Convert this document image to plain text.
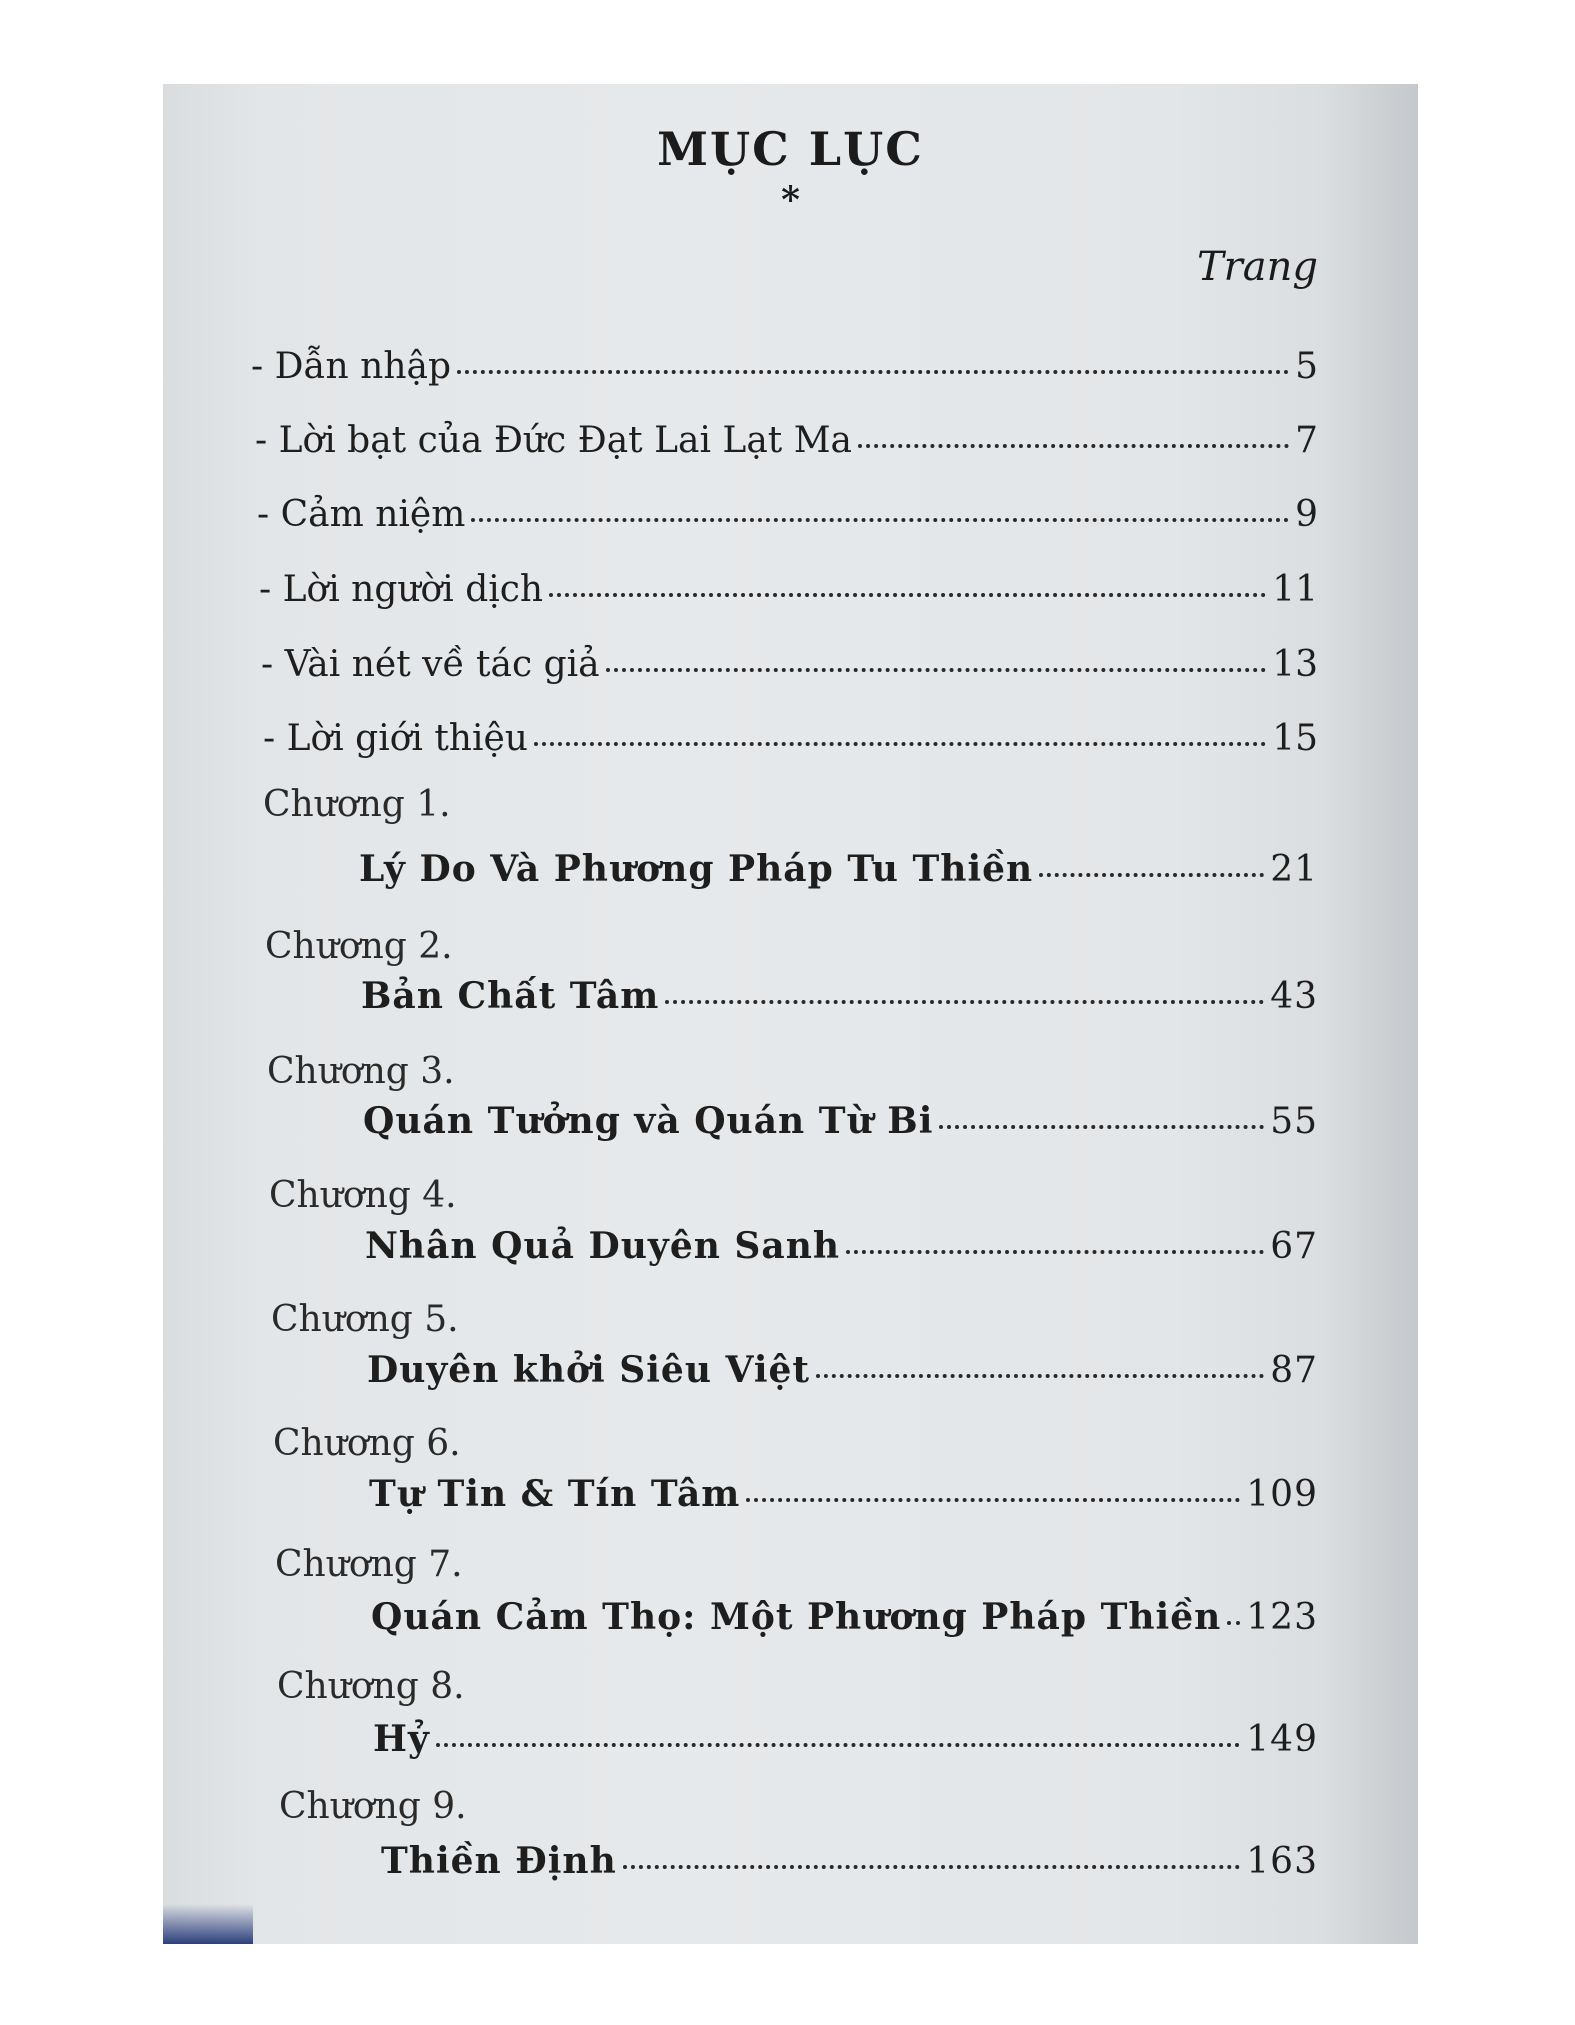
MỤC LỤC
*
Trang
- Dẫn nhập	5
- Lời bạt của Đức Đạt Lai Lạt Ma	7
- Cảm niệm	9
- Lời người dịch	11
- Vài nét về tác giả	13
- Lời giới thiệu	15
Chương 1.
Lý Do Và Phương Pháp Tu Thiền	21
Chương 2.
Bản Chất Tâm	43
Chương 3.
Quán Tưởng và Quán Từ Bi	55
Chương 4.
Nhân Quả Duyên Sanh	67
Chương 5.
Duyên khởi Siêu Việt	87
Chương 6.
Tự Tin & Tín Tâm	109
Chương 7.
Quán Cảm Thọ: Một Phương Pháp Thiền 123
Chương 8.
Hỷ	149
Chương 9.
Thiền Định	163
